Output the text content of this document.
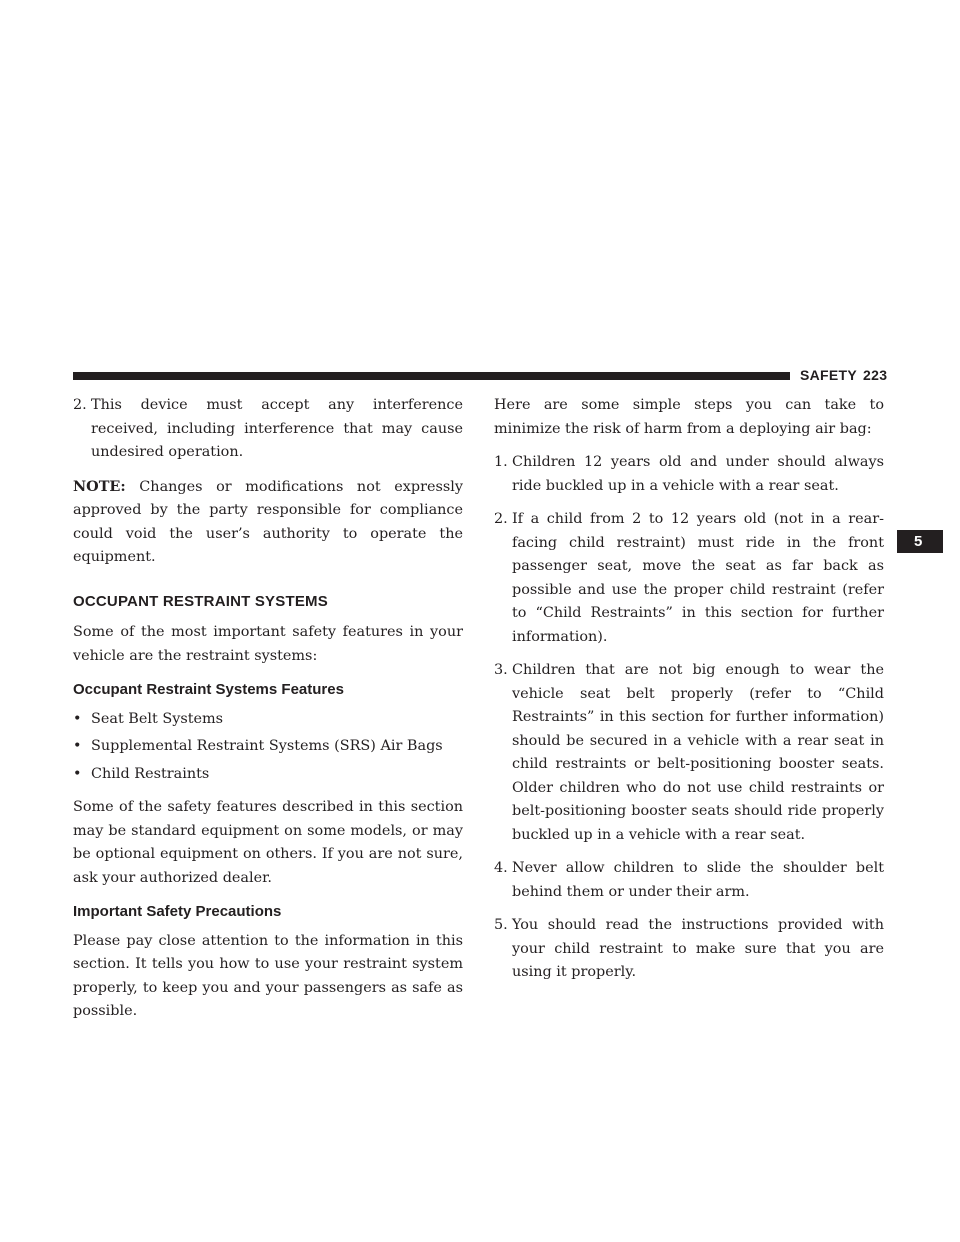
SAFETY 223
5
2. This device must accept any interference received, including interference that may cause undesired operation.

NOTE: Changes or modifications not expressly approved by the party responsible for compliance could void the user’s authority to operate the equipment.

OCCUPANT RESTRAINT SYSTEMS

Some of the most important safety features in your vehicle are the restraint systems:

Occupant Restraint Systems Features
• Seat Belt Systems
• Supplemental Restraint Systems (SRS) Air Bags
• Child Restraints

Some of the safety features described in this section may be standard equipment on some models, or may be optional equipment on others. If you are not sure, ask your authorized dealer.

Important Safety Precautions

Please pay close attention to the information in this section. It tells you how to use your restraint system properly, to keep you and your passengers as safe as possible.

Here are some simple steps you can take to minimize the risk of harm from a deploying air bag:

1. Children 12 years old and under should always ride buckled up in a vehicle with a rear seat.
2. If a child from 2 to 12 years old (not in a rear-facing child restraint) must ride in the front passenger seat, move the seat as far back as possible and use the proper child restraint (refer to “Child Restraints” in this section for further information).
3. Children that are not big enough to wear the vehicle seat belt properly (refer to “Child Restraints” in this section for further information) should be secured in a vehicle with a rear seat in child restraints or belt-positioning booster seats. Older children who do not use child restraints or belt-positioning booster seats should ride properly buckled up in a vehicle with a rear seat.
4. Never allow children to slide the shoulder belt behind them or under their arm.
5. You should read the instructions provided with your child restraint to make sure that you are using it properly.
